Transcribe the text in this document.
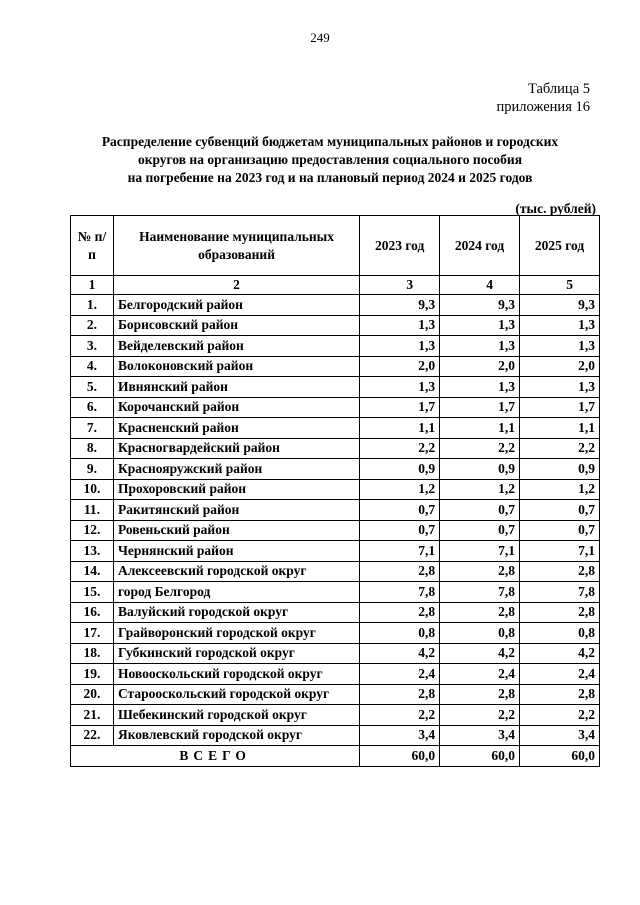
249
Таблица 5
приложения 16
Распределение субвенций бюджетам муниципальных районов и городских
округов на организацию предоставления социального пособия
на погребение на 2023 год и на плановый период 2024 и 2025 годов
(тыс. рублей)
№ п/п	Наименование муниципальных образований	2023 год	2024 год	2025 год
1	2	3	4	5
1.	Белгородский район	9,3	9,3	9,3
2.	Борисовский район	1,3	1,3	1,3
3.	Вейделевский район	1,3	1,3	1,3
4.	Волоконовский район	2,0	2,0	2,0
5.	Ивнянский район	1,3	1,3	1,3
6.	Корочанский район	1,7	1,7	1,7
7.	Красненский район	1,1	1,1	1,1
8.	Красногвардейский район	2,2	2,2	2,2
9.	Краснояружский район	0,9	0,9	0,9
10.	Прохоровский район	1,2	1,2	1,2
11.	Ракитянский район	0,7	0,7	0,7
12.	Ровеньский район	0,7	0,7	0,7
13.	Чернянский район	7,1	7,1	7,1
14.	Алексеевский городской округ	2,8	2,8	2,8
15.	город Белгород	7,8	7,8	7,8
16.	Валуйский городской округ	2,8	2,8	2,8
17.	Грайворонский городской округ	0,8	0,8	0,8
18.	Губкинский городской округ	4,2	4,2	4,2
19.	Новооскольский городской округ	2,4	2,4	2,4
20.	Старооскольский городской округ	2,8	2,8	2,8
21.	Шебекинский городской округ	2,2	2,2	2,2
22.	Яковлевский городской округ	3,4	3,4	3,4
ВСЕГО		60,0	60,0	60,0
